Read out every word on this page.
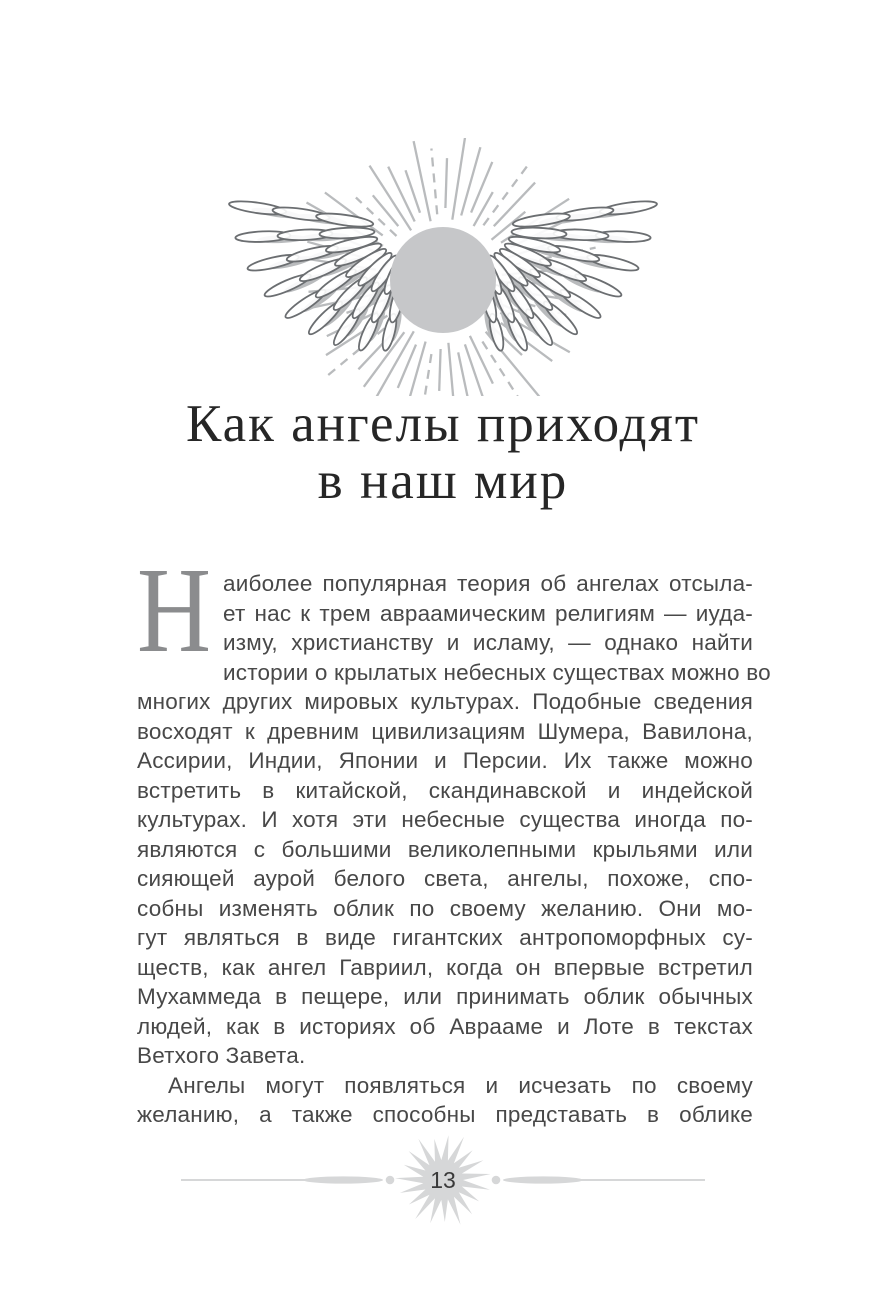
Как ангелы приходят
в наш мир
Н аиболее популярная теория об ангелах отсыла-
ет нас к трем авраамическим религиям — иуда-
изму, христианству и исламу, — однако найти
истории о крылатых небесных существах можно во
многих других мировых культурах. Подобные сведения
восходят к древним цивилизациям Шумера, Вавилона,
Ассирии, Индии, Японии и Персии. Их также можно
встретить в китайской, скандинавской и индейской
культурах. И хотя эти небесные существа иногда по-
являются с большими великолепными крыльями или
сияющей аурой белого света, ангелы, похоже, спо-
собны изменять облик по своему желанию. Они мо-
гут являться в виде гигантских антропоморфных су-
ществ, как ангел Гавриил, когда он впервые встретил
Мухаммеда в пещере, или принимать облик обычных
людей, как в историях об Аврааме и Лоте в текстах
Ветхого Завета.
Ангелы могут появляться и исчезать по своему
желанию, а также способны представать в облике
13
